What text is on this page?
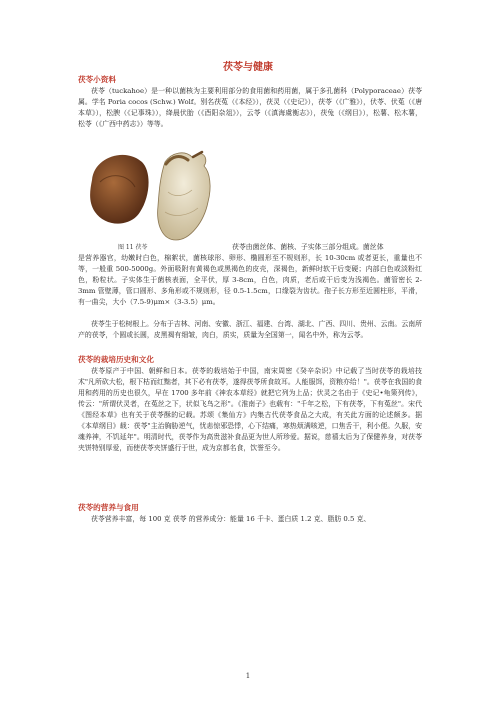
茯苓与健康
茯苓小资料
茯苓（tuckahoe）是一种以菌核为主要利用部分的食用菌和药用菌，属于多孔菌科（Polyporaceae）茯苓属。学名 Poria cocos (Schw.) Wolf。别名茯菟（《本经》），茯灵（《史记》），茯苓（《广雅》），伏苓、伏菟（《唐本草》），松腴（《记事珠》），绛晨伏胎（《酉阳杂俎》），云苓（《滇海虞衡志》），茯兔（《纲目》），松薯、松木薯，松苓（《广西中药志》）等等。
图 11 茯苓	茯苓由菌丝体、菌核、子实体三部分组成。菌丝体
是营养器官，幼嫩时白色，棉絮状，菌核球形、卵形、椭圆形至不规则形，长 10-30cm 或者更长，重量也不等，一般重 500-5000g。外面吸附有黄褐色或黑褐色的皮壳，深褐色，新鲜时软干后变硬；内部白色或淡粉红色，粉粒状。子实体生于菌核表面，全平伏，厚 3-8cm，白色，肉质，老后或干后变为浅褐色。菌管密长 2-3mm 管壁薄，管口圆形、多角形或不规则形，径 0.5-1.5cm，口缘裂为齿状。孢子长方形至近圆柱形，平滑，有一曲尖，大小（7.5-9)μm×（3-3.5）μm。
茯苓生于松树根上。分布于吉林、河南、安徽、浙江、福建、台湾、湖北、广西、四川、贵州、云南。云南所产的茯苓，个圆或长圆，皮黑褐有细皱，肉白，质实，质量为全国第一，闻名中外，称为云苓。
茯苓的栽培历史和文化
茯苓原产于中国、朝鲜和日本。茯苓的栽培始于中国，南宋周密《癸辛杂识》中记载了当时茯苓的栽培技术"凡所砍大松，根下枯而红黜者，其下必有茯苓，遂得茯苓所食故耳。人能服饵，资粮亦给！"。茯苓在我国的食用和药用的历史也很久，早在 1700 多年前《神农本草经》就把它列为上品；伏灵之名由于《史记•龟策列传》，传云："所谓伏灵者，在菟丝之下，状似飞鸟之形"。《淮南子》也载有："千年之松，下有茯苓，下有菟丝"。宋代《图经本草》也有关于茯苓酥的记载。苏颂《集仙方》内集古代茯苓食品之大成，有关此方面的论述颇多。据《本草纲目》载：茯苓"主治胸胁逆气，忧恚惊邪恐悸，心下结痛，寒热烦满咳逆，口焦舌干，利小便。久服，安魂养神，不饥延年"。明清时代，茯苓作为高贵滋补食品更为世人所珍爱。据说，慈禧太后为了保健养身，对茯苓夹饼特别厚爱，而使茯苓夹饼盛行于世，成为京都名食，饮誉至今。
茯苓的营养与食用
茯苓营养丰富，每 100 克 茯苓 的营养成分：能量 16 千卡、蛋白质 1.2 克、脂肪 0.5 克、
1
